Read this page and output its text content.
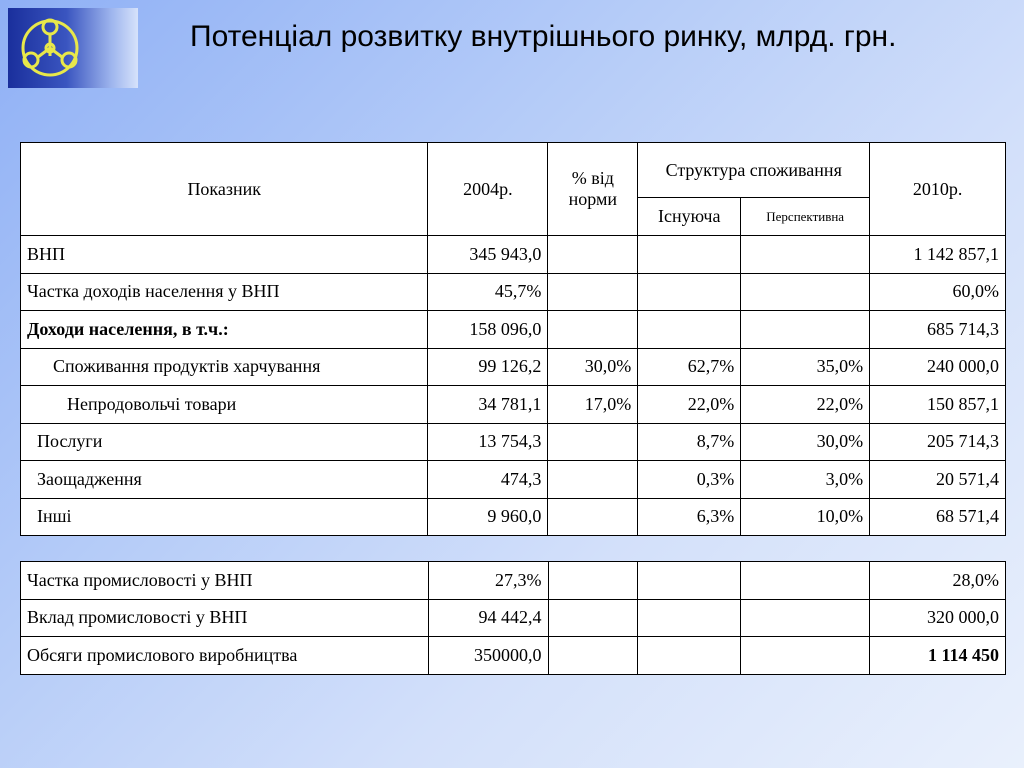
Потенціал розвитку внутрішнього ринку, млрд. грн.
Показник	2004р.	% від норми	Структура споживання		2010р.
			Існуюча	Перспективна	
ВНП	345 943,0				1 142 857,1
Частка доходів населення у ВНП	45,7%				60,0%
Доходи населення, в т.ч.:	158 096,0				685 714,3
Споживання продуктів харчування	99 126,2	30,0%	62,7%	35,0%	240 000,0
Непродовольчі товари	34 781,1	17,0%	22,0%	22,0%	150 857,1
Послуги	13 754,3		8,7%	30,0%	205 714,3
Заощадження	474,3		0,3%	3,0%	20 571,4
Інші	9 960,0		6,3%	10,0%	68 571,4
Частка промисловості у ВНП	27,3%				28,0%
Вклад промисловості у ВНП	94 442,4				320 000,0
Обсяги промислового виробництва	350000,0				1 114 450
